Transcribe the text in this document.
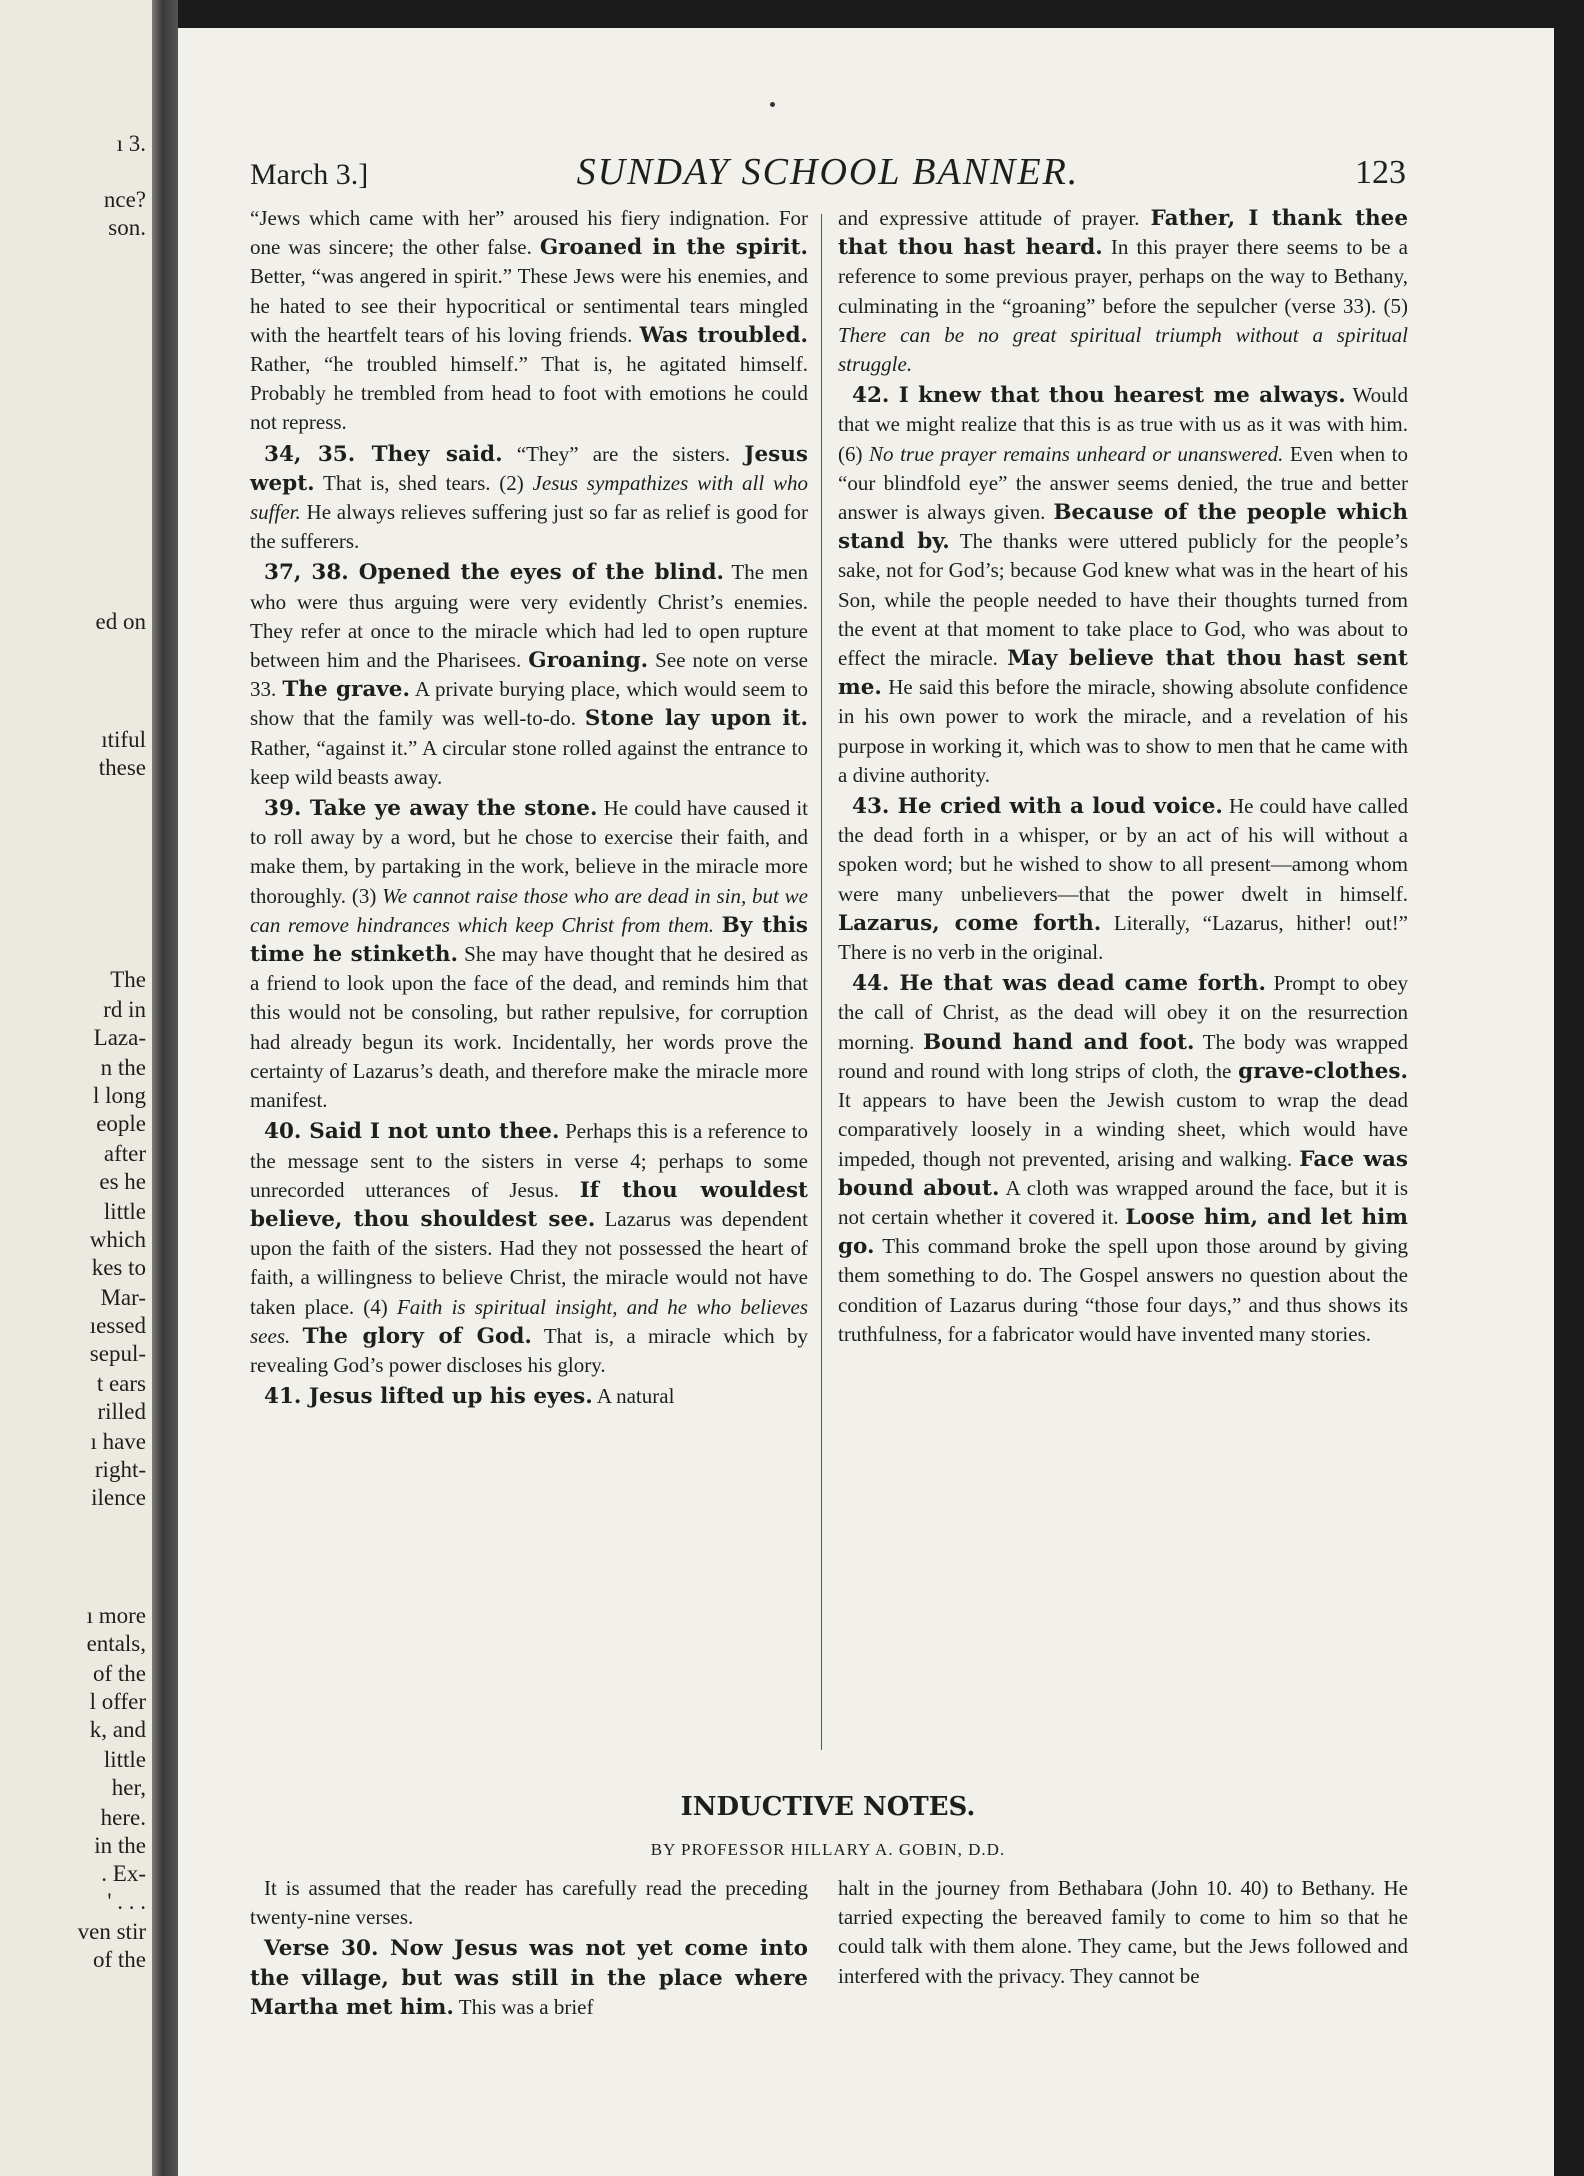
ı 3.
nce?
son.
ed on
ıtiful
these
The
rd in
Laza-
n the
l long
eople
after
es he
little
which
kes to
Mar-
ıessed
sepul-
t ears
rilled
ı have
right-
ilence
ı more
entals,
of the
l offer
k, and
little
her,
here.
in the
. Ex-
' . . .
ven stir
of the
March 3.]	SUNDAY SCHOOL BANNER.	123

“Jews which came with her” aroused his fiery indignation. For one was sincere; the other false. Groaned in the spirit. Better, “was angered in spirit.” These Jews were his enemies, and he hated to see their hypocritical or sentimental tears mingled with the heartfelt tears of his loving friends. Was troubled. Rather, “he troubled himself.” That is, he agitated himself. Probably he trembled from head to foot with emotions he could not repress.

34, 35. They said. “They” are the sisters. Jesus wept. That is, shed tears. (2) Jesus sympathizes with all who suffer. He always relieves suffering just so far as relief is good for the sufferers.

37, 38. Opened the eyes of the blind. The men who were thus arguing were very evidently Christ’s enemies. They refer at once to the miracle which had led to open rupture between him and the Pharisees. Groaning. See note on verse 33. The grave. A private burying place, which would seem to show that the family was well-to-do. Stone lay upon it. Rather, “against it.” A circular stone rolled against the entrance to keep wild beasts away.

39. Take ye away the stone. He could have caused it to roll away by a word, but he chose to exercise their faith, and make them, by partaking in the work, believe in the miracle more thoroughly. (3) We cannot raise those who are dead in sin, but we can remove hindrances which keep Christ from them. By this time he stinketh. She may have thought that he desired as a friend to look upon the face of the dead, and reminds him that this would not be consoling, but rather repulsive, for corruption had already begun its work. Incidentally, her words prove the certainty of Lazarus’s death, and therefore make the miracle more manifest.

40. Said I not unto thee. Perhaps this is a reference to the message sent to the sisters in verse 4; perhaps to some unrecorded utterances of Jesus. If thou wouldest believe, thou shouldest see. Lazarus was dependent upon the faith of the sisters. Had they not possessed the heart of faith, a willingness to believe Christ, the miracle would not have taken place. (4) Faith is spiritual insight, and he who believes sees. The glory of God. That is, a miracle which by revealing God’s power discloses his glory.

41. Jesus lifted up his eyes. A natural

and expressive attitude of prayer. Father, I thank thee that thou hast heard. In this prayer there seems to be a reference to some previous prayer, perhaps on the way to Bethany, culminating in the “groaning” before the sepulcher (verse 33). (5) There can be no great spiritual triumph without a spiritual struggle.

42. I knew that thou hearest me always. Would that we might realize that this is as true with us as it was with him. (6) No true prayer remains unheard or unanswered. Even when to “our blindfold eye” the answer seems denied, the true and better answer is always given. Because of the people which stand by. The thanks were uttered publicly for the people’s sake, not for God’s; because God knew what was in the heart of his Son, while the people needed to have their thoughts turned from the event at that moment to take place to God, who was about to effect the miracle. May believe that thou hast sent me. He said this before the miracle, showing absolute confidence in his own power to work the miracle, and a revelation of his purpose in working it, which was to show to men that he came with a divine authority.

43. He cried with a loud voice. He could have called the dead forth in a whisper, or by an act of his will without a spoken word; but he wished to show to all present—among whom were many unbelievers—that the power dwelt in himself. Lazarus, come forth. Literally, “Lazarus, hither! out!” There is no verb in the original.

44. He that was dead came forth. Prompt to obey the call of Christ, as the dead will obey it on the resurrection morning. Bound hand and foot. The body was wrapped round and round with long strips of cloth, the grave-clothes. It appears to have been the Jewish custom to wrap the dead comparatively loosely in a winding sheet, which would have impeded, though not prevented, arising and walking. Face was bound about. A cloth was wrapped around the face, but it is not certain whether it covered it. Loose him, and let him go. This command broke the spell upon those around by giving them something to do. The Gospel answers no question about the condition of Lazarus during “those four days,” and thus shows its truthfulness, for a fabricator would have invented many stories.

INDUCTIVE NOTES.
BY PROFESSOR HILLARY A. GOBIN, D.D.

It is assumed that the reader has carefully read the preceding twenty-nine verses.

Verse 30. Now Jesus was not yet come into the village, but was still in the place where Martha met him. This was a brief

halt in the journey from Bethabara (John 10. 40) to Bethany. He tarried expecting the bereaved family to come to him so that he could talk with them alone. They came, but the Jews followed and interfered with the privacy. They cannot be
